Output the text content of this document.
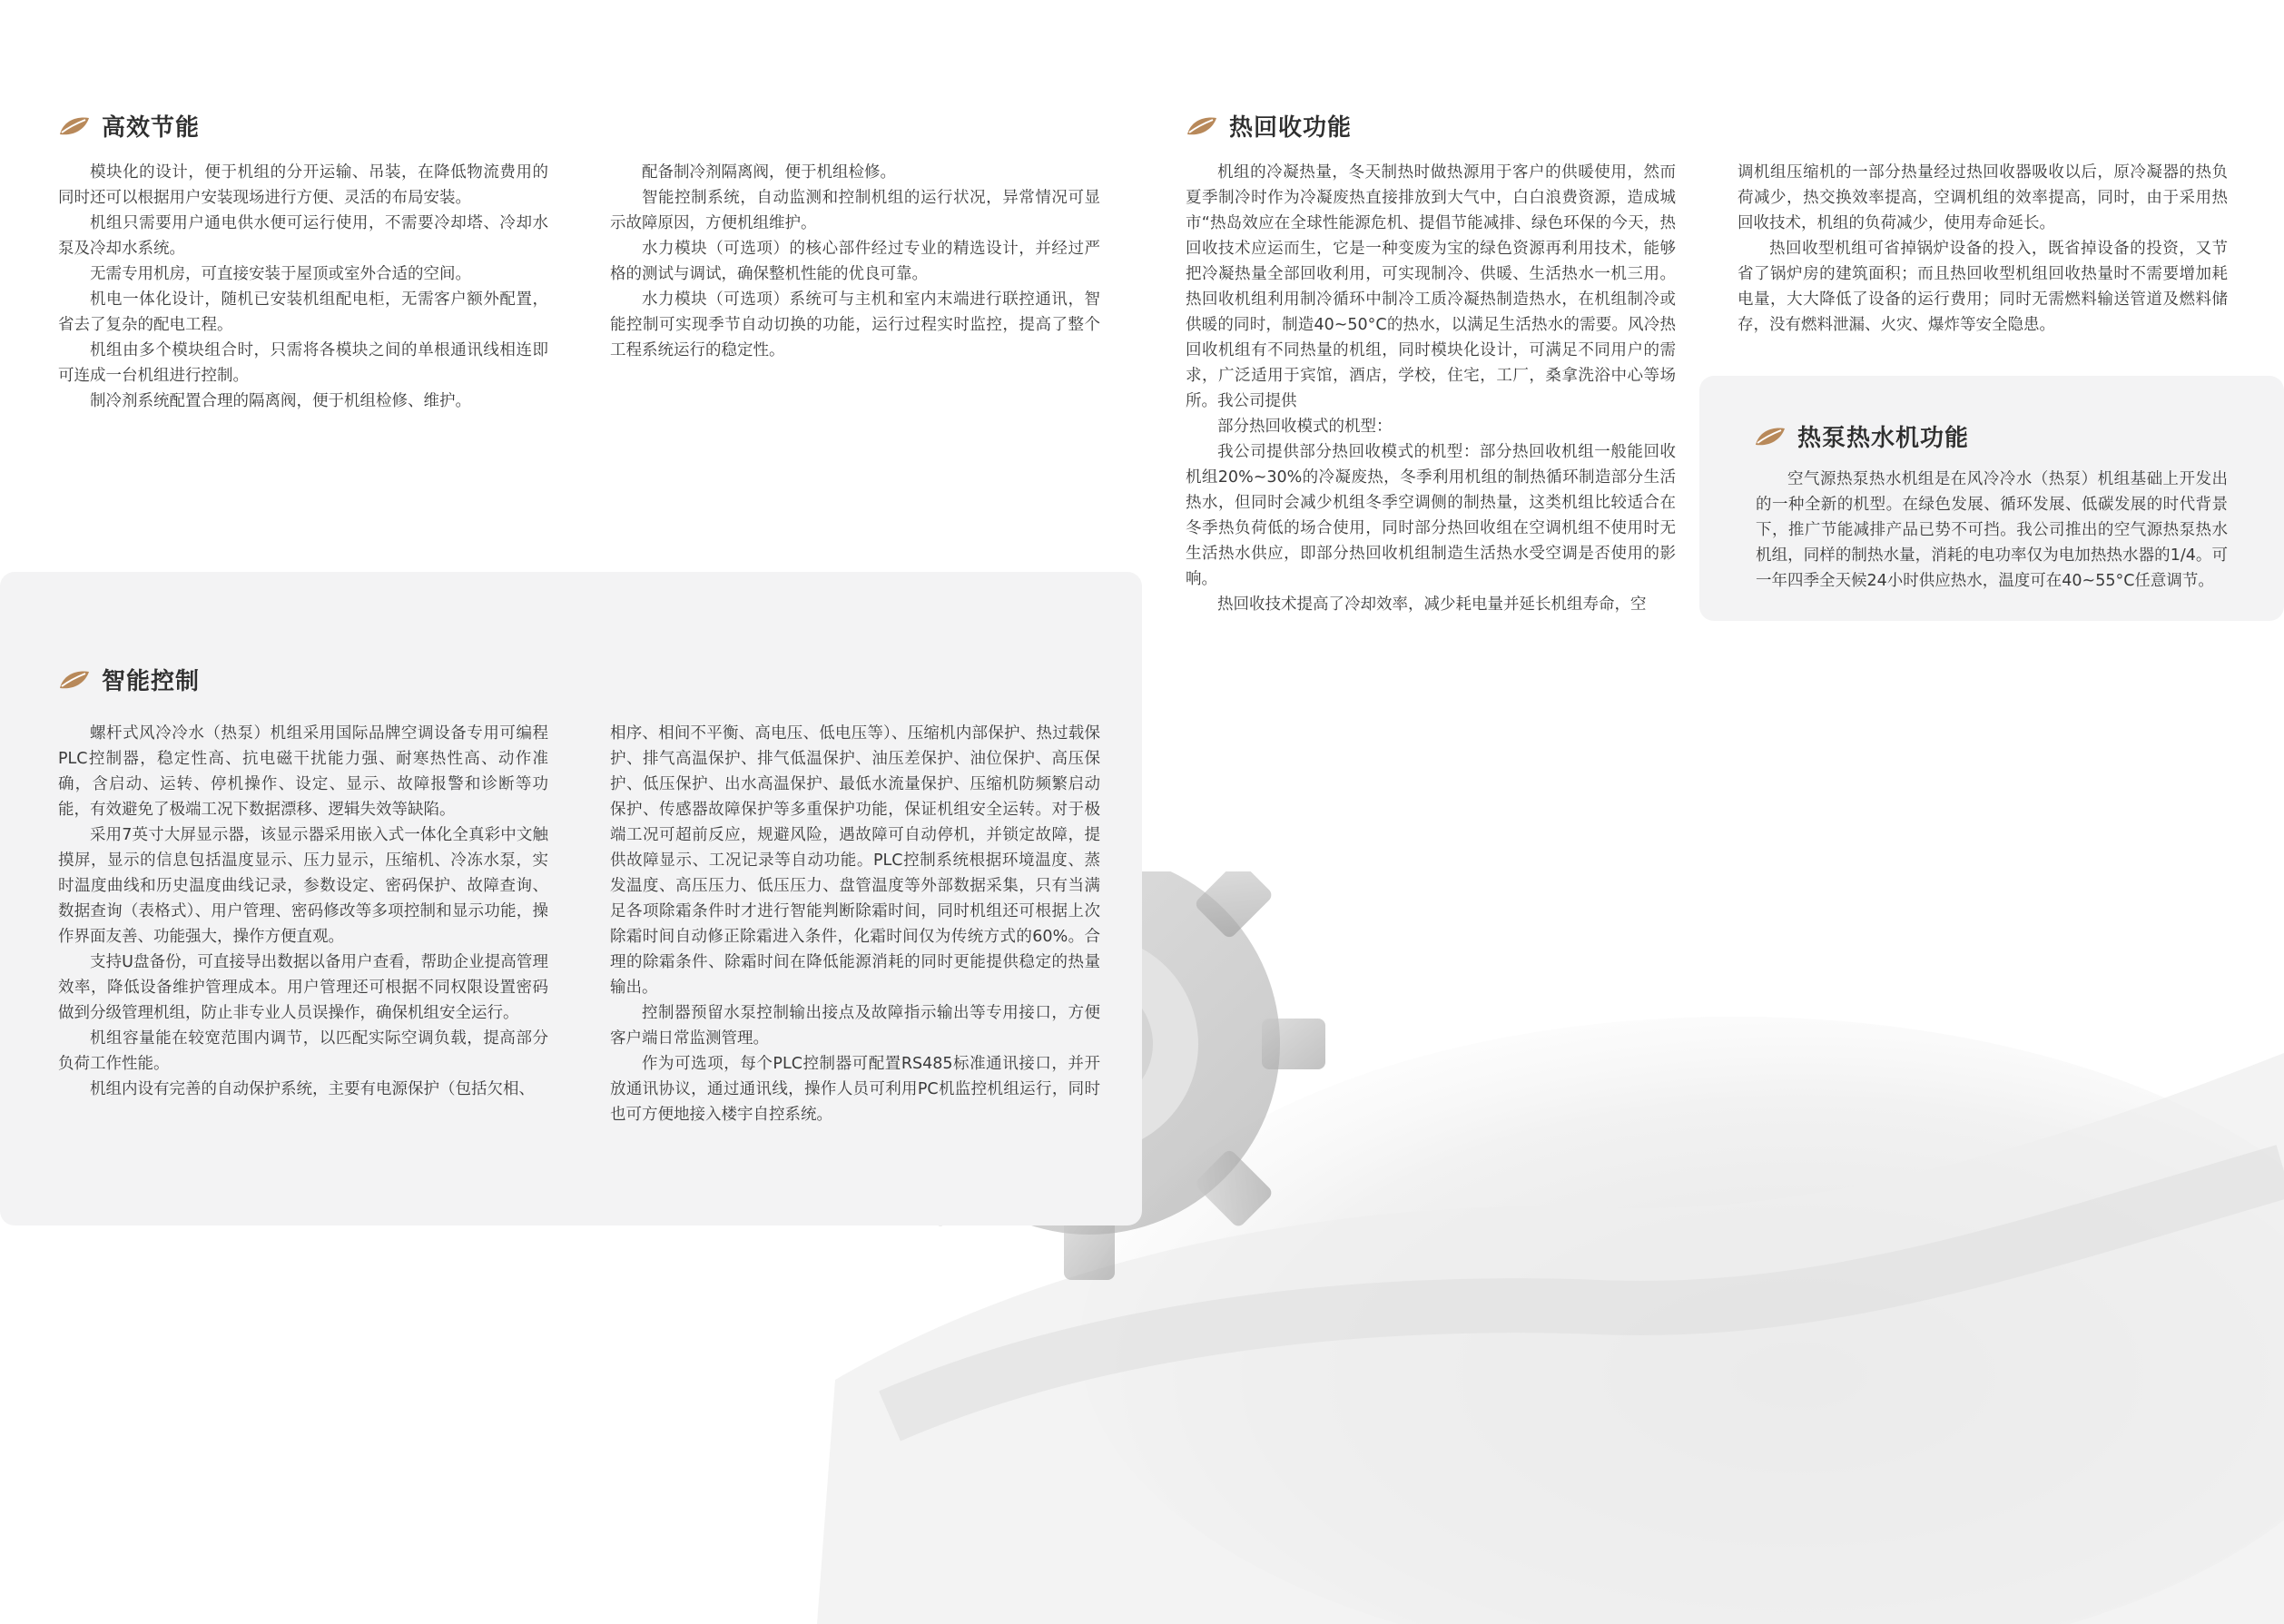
高效节能

模块化的设计，便于机组的分开运输、吊装，在降低物流费用的同时还可以根据用户安装现场进行方便、灵活的布局安装。

机组只需要用户通电供水便可运行使用，不需要冷却塔、冷却水泵及冷却水系统。

无需专用机房，可直接安装于屋顶或室外合适的空间。

机电一体化设计，随机已安装机组配电柜，无需客户额外配置，省去了复杂的配电工程。

机组由多个模块组合时，只需将各模块之间的单根通讯线相连即可连成一台机组进行控制。

制冷剂系统配置合理的隔离阀，便于机组检修、维护。

配备制冷剂隔离阀，便于机组检修。

智能控制系统，自动监测和控制机组的运行状况，异常情况可显示故障原因，方便机组维护。

水力模块（可选项）的核心部件经过专业的精选设计，并经过严格的测试与调试，确保整机性能的优良可靠。

水力模块（可选项）系统可与主机和室内末端进行联控通讯，智能控制可实现季节自动切换的功能，运行过程实时监控，提高了整个工程系统运行的稳定性。

热回收功能

机组的冷凝热量，冬天制热时做热源用于客户的供暖使用，然而夏季制冷时作为冷凝废热直接排放到大气中，白白浪费资源，造成城市“热岛效应在全球性能源危机、提倡节能减排、绿色环保的今天，热回收技术应运而生，它是一种变废为宝的绿色资源再利用技术，能够把冷凝热量全部回收利用，可实现制冷、供暖、生活热水一机三用。热回收机组利用制冷循环中制冷工质冷凝热制造热水，在机组制冷或供暖的同时，制造40~50°C的热水，以满足生活热水的需要。风冷热回收机组有不同热量的机组，同时模块化设计，可满足不同用户的需求，广泛适用于宾馆，酒店，学校，住宅，工厂，桑拿洗浴中心等场所。我公司提供

部分热回收模式的机型：

我公司提供部分热回收模式的机型：部分热回收机组一般能回收机组20%~30%的冷凝废热，冬季利用机组的制热循环制造部分生活热水，但同时会减少机组冬季空调侧的制热量，这类机组比较适合在冬季热负荷低的场合使用，同时部分热回收组在空调机组不使用时无生活热水供应，即部分热回收机组制造生活热水受空调是否使用的影响。

热回收技术提高了冷却效率，减少耗电量并延长机组寿命，空

调机组压缩机的一部分热量经过热回收器吸收以后，原冷凝器的热负荷减少，热交换效率提高，空调机组的效率提高，同时，由于采用热回收技术，机组的负荷减少，使用寿命延长。

热回收型机组可省掉锅炉设备的投入，既省掉设备的投资，又节省了锅炉房的建筑面积；而且热回收型机组回收热量时不需要增加耗电量，大大降低了设备的运行费用；同时无需燃料输送管道及燃料储存，没有燃料泄漏、火灾、爆炸等安全隐患。

热泵热水机功能

空气源热泵热水机组是在风冷冷水（热泵）机组基础上开发出的一种全新的机型。在绿色发展、循环发展、低碳发展的时代背景下，推广节能减排产品已势不可挡。我公司推出的空气源热泵热水机组，同样的制热水量，消耗的电功率仅为电加热热水器的1/4。可一年四季全天候24小时供应热水，温度可在40~55°C任意调节。

智能控制

螺杆式风冷冷水（热泵）机组采用国际品牌空调设备专用可编程PLC控制器，稳定性高、抗电磁干扰能力强、耐寒热性高、动作准确，含启动、运转、停机操作、设定、显示、故障报警和诊断等功能，有效避免了极端工况下数据漂移、逻辑失效等缺陷。

采用7英寸大屏显示器，该显示器采用嵌入式一体化全真彩中文触摸屏，显示的信息包括温度显示、压力显示，压缩机、冷冻水泵，实时温度曲线和历史温度曲线记录，参数设定、密码保护、故障查询、数据查询（表格式）、用户管理、密码修改等多项控制和显示功能，操作界面友善、功能强大，操作方便直观。

支持U盘备份，可直接导出数据以备用户查看，帮助企业提高管理效率，降低设备维护管理成本。用户管理还可根据不同权限设置密码做到分级管理机组，防止非专业人员误操作，确保机组安全运行。

机组容量能在较宽范围内调节，以匹配实际空调负载，提高部分负荷工作性能。

机组内设有完善的自动保护系统，主要有电源保护（包括欠相、

相序、相间不平衡、高电压、低电压等）、压缩机内部保护、热过载保护、排气高温保护、排气低温保护、油压差保护、油位保护、高压保护、低压保护、出水高温保护、最低水流量保护、压缩机防频繁启动保护、传感器故障保护等多重保护功能，保证机组安全运转。对于极端工况可超前反应，规避风险，遇故障可自动停机，并锁定故障，提供故障显示、工况记录等自动功能。PLC控制系统根据环境温度、蒸发温度、高压压力、低压压力、盘管温度等外部数据采集，只有当满足各项除霜条件时才进行智能判断除霜时间，同时机组还可根据上次除霜时间自动修正除霜进入条件，化霜时间仅为传统方式的60%。合理的除霜条件、除霜时间在降低能源消耗的同时更能提供稳定的热量输出。

控制器预留水泵控制输出接点及故障指示输出等专用接口，方便客户端日常监测管理。

作为可选项，每个PLC控制器可配置RS485标准通讯接口，并开放通讯协议，通过通讯线，操作人员可利用PC机监控机组运行，同时也可方便地接入楼宇自控系统。
